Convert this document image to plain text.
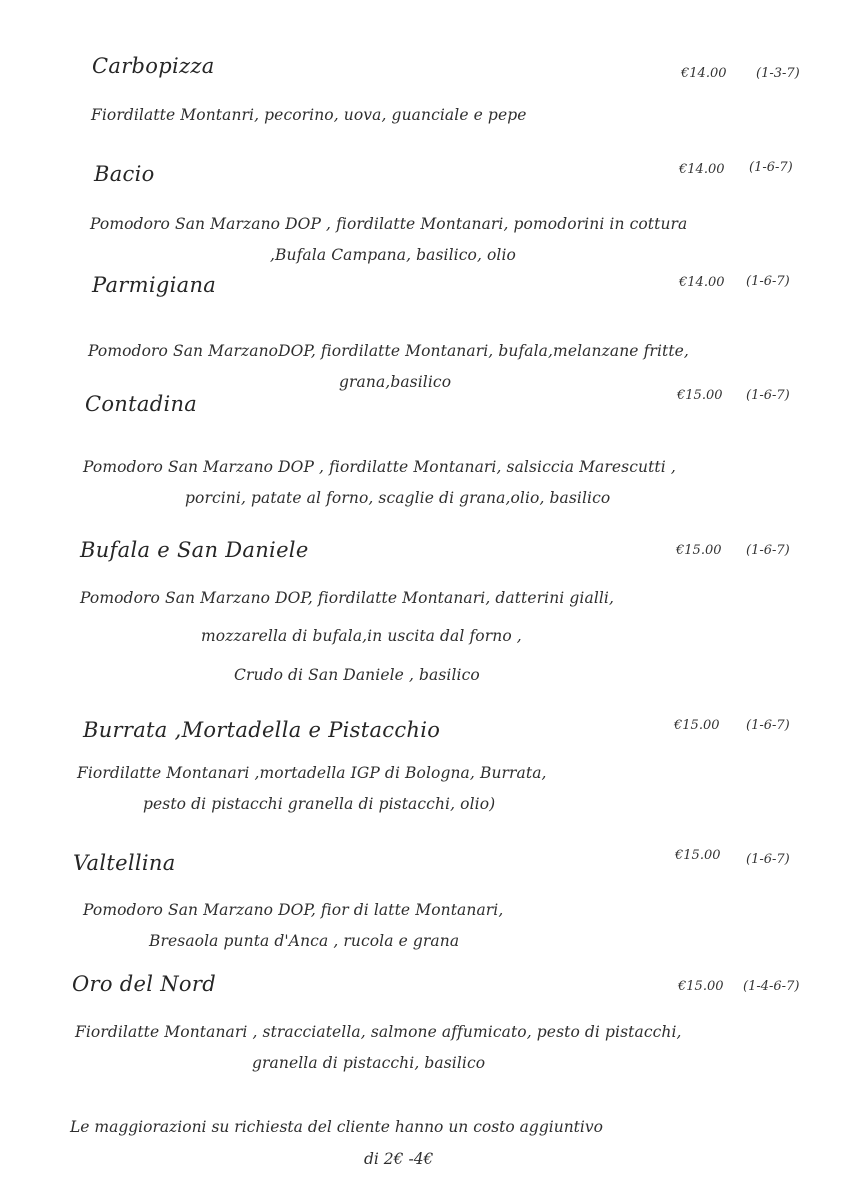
Carbopizza	€14.00 (1-3-7)
Fiordilatte Montanri, pecorino, uova, guanciale e pepe
Bacio	€14.00 (1-6-7)
Pomodoro San Marzano DOP , fiordilatte Montanari, pomodorini in cottura
,Bufala Campana, basilico, olio
Parmigiana	€14.00 (1-6-7)
Pomodoro San MarzanoDOP, fiordilatte Montanari, bufala,melanzane fritte,
grana,basilico
Contadina	€15.00 (1-6-7)
Pomodoro San Marzano DOP , fiordilatte Montanari, salsiccia Marescutti ,
porcini, patate al forno, scaglie di grana,olio, basilico
Bufala e San Daniele	€15.00 (1-6-7)
Pomodoro San Marzano DOP, fiordilatte Montanari, datterini gialli,
mozzarella di bufala,in uscita dal forno ,
Crudo di San Daniele , basilico
Burrata ,Mortadella e Pistacchio	€15.00 (1-6-7)
Fiordilatte Montanari ,mortadella IGP di Bologna, Burrata,
pesto di pistacchi granella di pistacchi, olio)
Valtellina	€15.00 (1-6-7)
Pomodoro San Marzano DOP, fior di latte Montanari,
Bresaola punta d'Anca , rucola e grana
Oro del Nord	€15.00 (1-4-6-7)
Fiordilatte Montanari , stracciatella, salmone affumicato, pesto di pistacchi,
granella di pistacchi, basilico
Le maggiorazioni su richiesta del cliente hanno un costo aggiuntivo
di 2€ -4€
